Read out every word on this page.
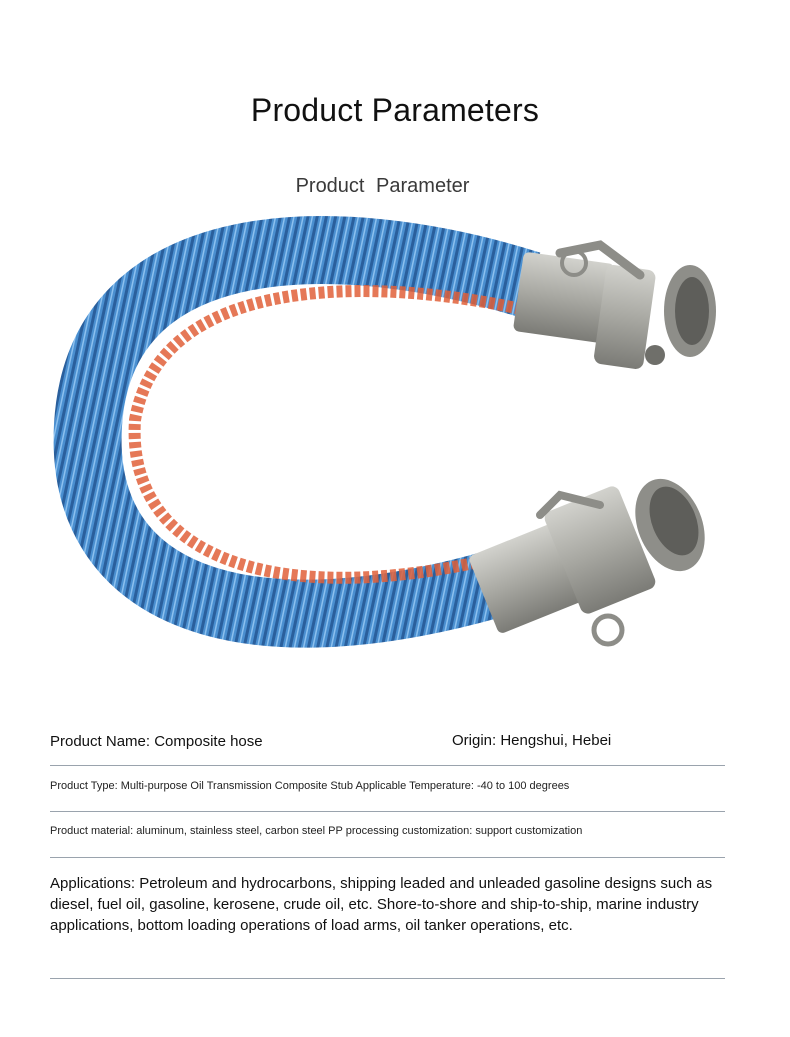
Product Parameters
Product Parameter
Product Name: Composite hose	Origin: Hengshui, Hebei
Product Type: Multi-purpose Oil Transmission Composite Stub Applicable Temperature: -40 to 100 degrees
Product material: aluminum, stainless steel, carbon steel PP processing customization: support customization
Applications: Petroleum and hydrocarbons, shipping leaded and unleaded gasoline designs such as diesel, fuel oil, gasoline, kerosene, crude oil, etc. Shore-to-shore and ship-to-ship, marine industry applications, bottom loading operations of load arms, oil tanker operations, etc.
